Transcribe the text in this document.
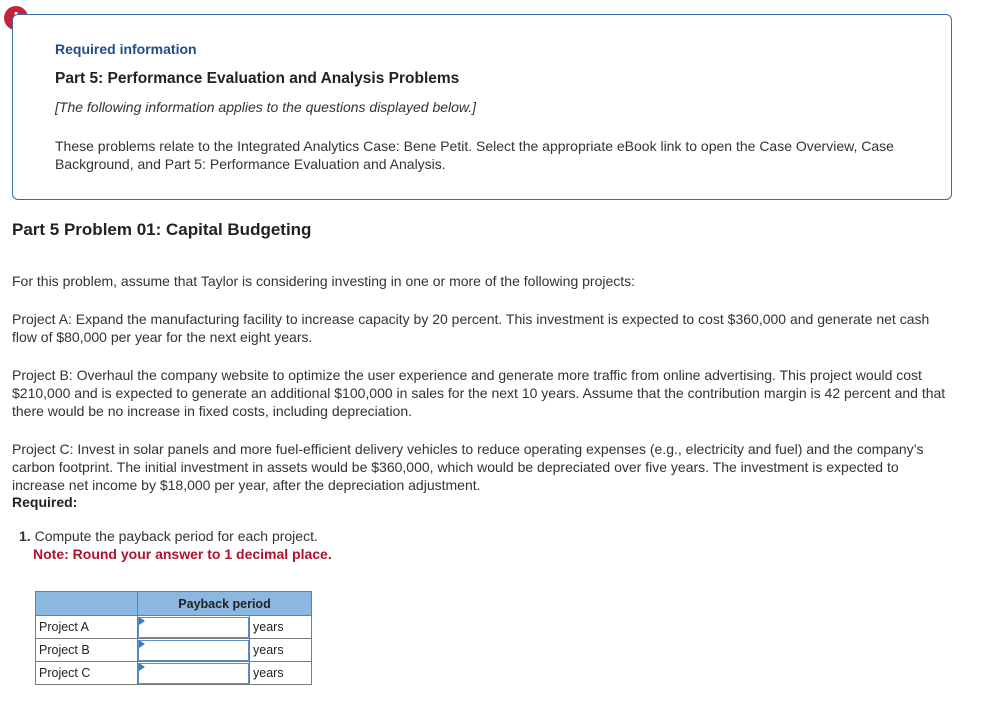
Required information
Part 5: Performance Evaluation and Analysis Problems
[The following information applies to the questions displayed below.]
These problems relate to the Integrated Analytics Case: Bene Petit. Select the appropriate eBook link to open the Case Overview, Case Background, and Part 5: Performance Evaluation and Analysis.
Part 5 Problem 01: Capital Budgeting
For this problem, assume that Taylor is considering investing in one or more of the following projects:
Project A: Expand the manufacturing facility to increase capacity by 20 percent. This investment is expected to cost $360,000 and generate net cash flow of $80,000 per year for the next eight years.
Project B: Overhaul the company website to optimize the user experience and generate more traffic from online advertising. This project would cost $210,000 and is expected to generate an additional $100,000 in sales for the next 10 years. Assume that the contribution margin is 42 percent and that there would be no increase in fixed costs, including depreciation.
Project C: Invest in solar panels and more fuel-efficient delivery vehicles to reduce operating expenses (e.g., electricity and fuel) and the company’s carbon footprint. The initial investment in assets would be $360,000, which would be depreciated over five years. The investment is expected to increase net income by $18,000 per year, after the depreciation adjustment.
Required:
1. Compute the payback period for each project.
Note: Round your answer to 1 decimal place.
	Payback period	
Project A		years
Project B		years
Project C		years
